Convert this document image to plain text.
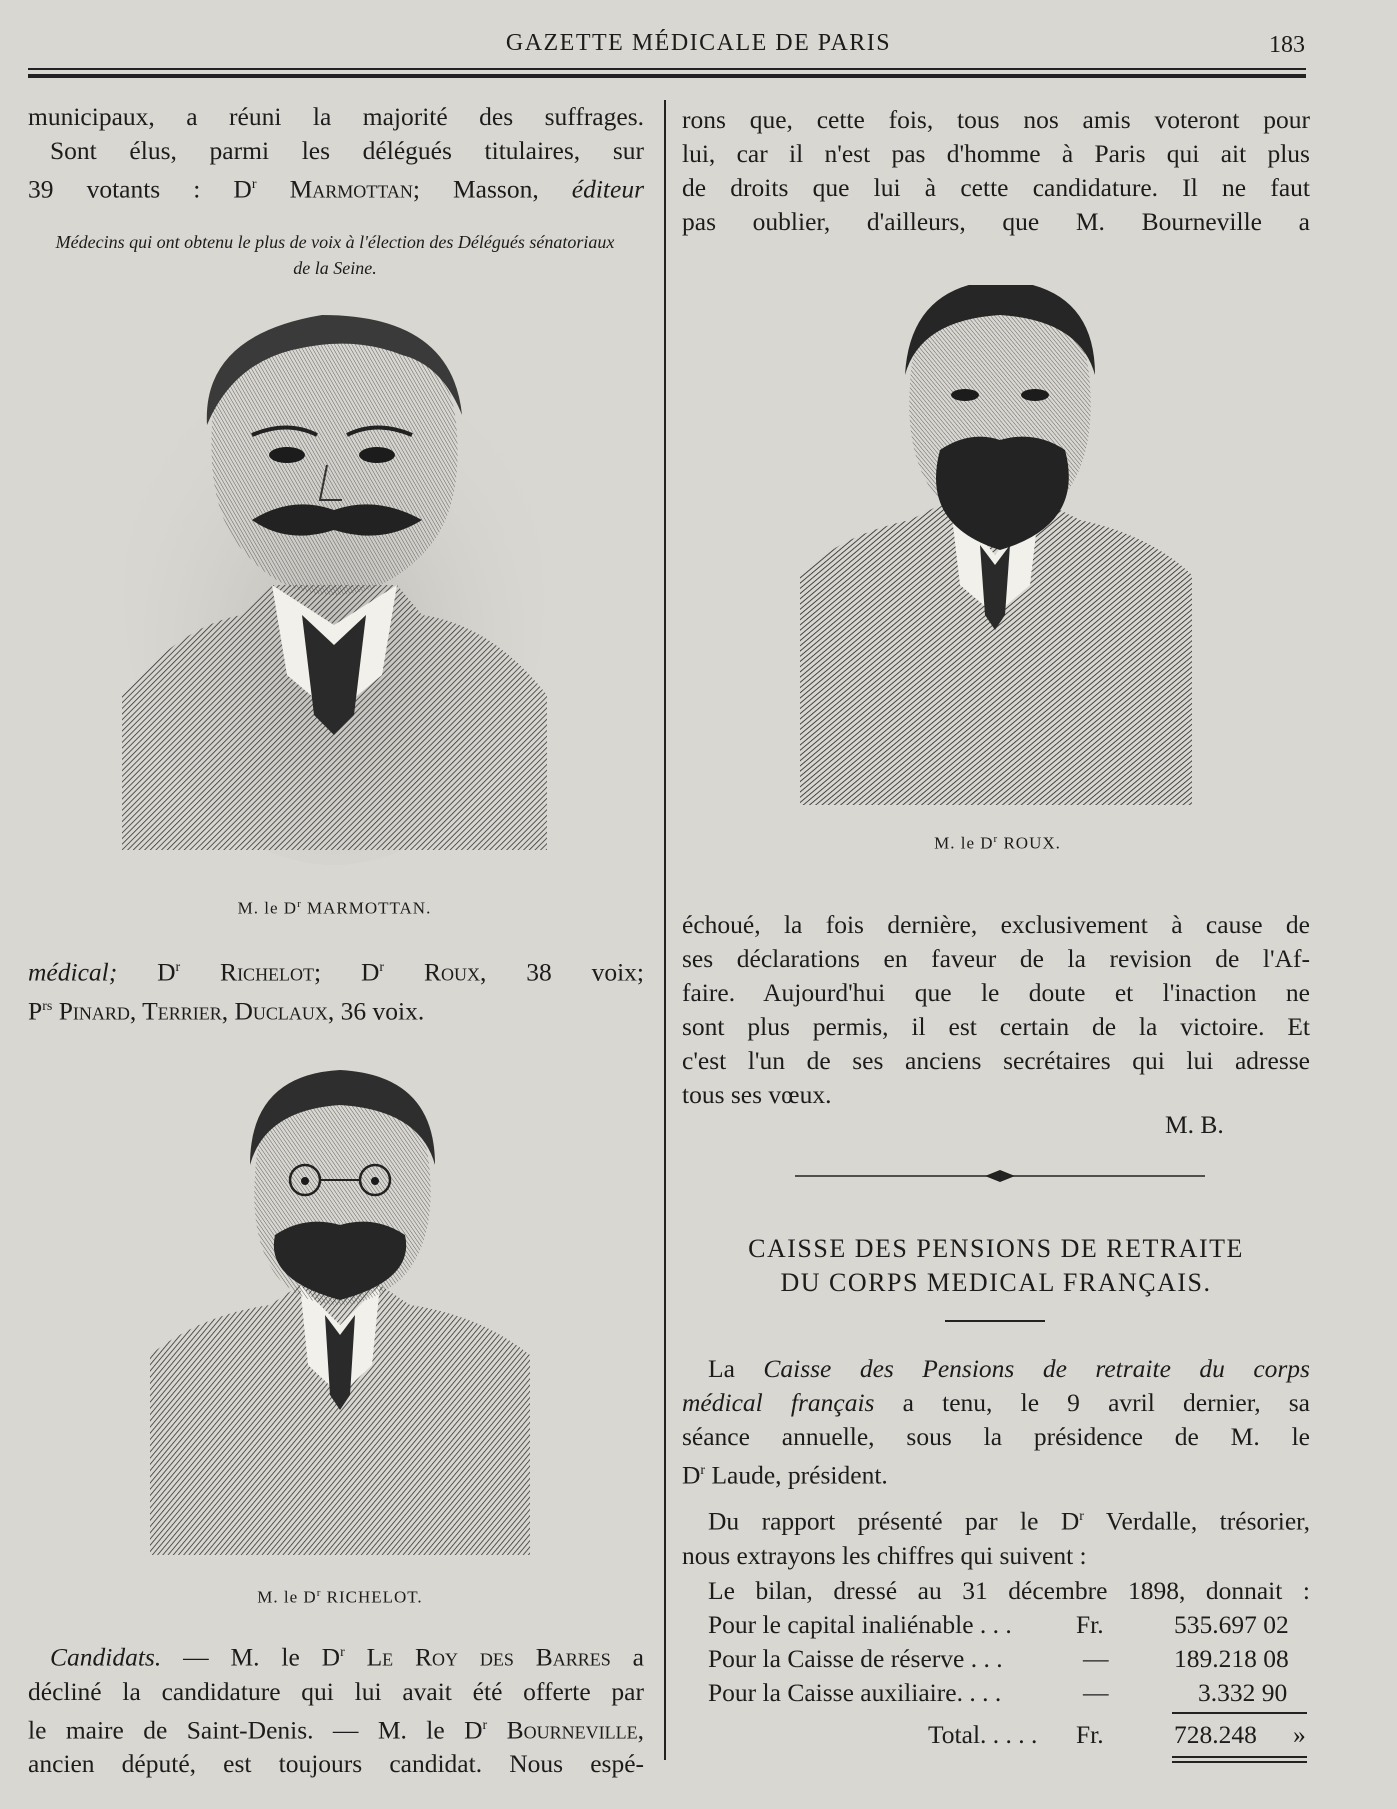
GAZETTE MÉDICALE DE PARIS	183

municipaux, a réuni la majorité des suffrages.

Sont élus, parmi les délégués titulaires, sur

39 votants : $D^r$ Marmottan; Masson, éditeur

Médecins qui ont obtenu le plus de voix à l'élection des Délégués sénatoriaux de la Seine.
M. le $D^r$ MARMOTTAN.

médical; $D^r$ Richelot; $D^r$ Roux, 38 voix;

$P^{rs}$ Pinard, Terrier, Duclaux, 36 voix.

M. le $D^r$ RICHELOT.

Candidats. — M. le $D^r$ Le Roy des Barres a

décliné la candidature qui lui avait été offerte par

le maire de Saint-Denis. — M. le $D^r$ Bourneville,

ancien député, est toujours candidat. Nous espé-

rons que, cette fois, tous nos amis voteront pour

lui, car il n'est pas d'homme à Paris qui ait plus

de droits que lui à cette candidature. Il ne faut

pas oublier, d'ailleurs, que M. Bourneville a

M. le $D^r$ ROUX.

échoué, la fois dernière, exclusivement à cause de

ses déclarations en faveur de la revision de l'Af-

faire. Aujourd'hui que le doute et l'inaction ne

sont plus permis, il est certain de la victoire. Et

c'est l'un de ses anciens secrétaires qui lui adresse

tous ses vœux.

M. B.
CAISSE DES PENSIONS DE RETRAITE
DU CORPS MEDICAL FRANÇAIS.

La Caisse des Pensions de retraite du corps

médical français a tenu, le 9 avril dernier, sa

séance annuelle, sous la présidence de M. le

$D^r$ Laude, président.

Du rapport présenté par le $D^r$ Verdalle, trésorier,

nous extrayons les chiffres qui suivent :

Le bilan, dressé au 31 décembre 1898, donnait :

Pour le capital inaliénable . . .	Fr.	535.697 02
Pour la Caisse de réserve . . .	—	189.218 08
Pour la Caisse auxiliaire. . . .	—	3.332 90
Total. . . . . Fr.	728.248 »
